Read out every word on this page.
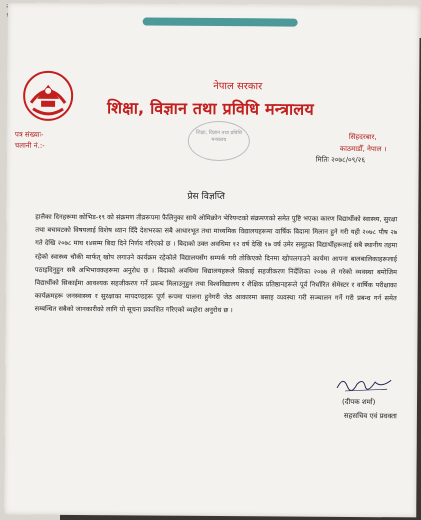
नेपाल सरकार
शिक्षा, विज्ञान तथा प्रविधि मन्त्रालय
पत्र संख्याः-
चलानी नं.:-
शिक्षा, विज्ञान तथा प्रविधि मन्त्रालय	सिंहदरबार,
काठमाडौँ, नेपाल ।
मितिः २०७८/०९/२६
प्रेस विज्ञप्ति

हालैका दिनहरूमा कोभिड-१९ को संक्रमण तीव्ररूपमा फैलिनुका साथै ओमिक्रोन भेरियन्टको संक्रमणको समेत पुष्टि भएका कारण विद्यार्थीको स्वास्थ्य, सुरक्षा तथा बचावटको विषयलाई विशेष ध्यान दिँदै देशभरका सबै आधारभूत तथा माध्यमिक विद्यालयहरूमा वार्षिक बिदामा मिलान हुने गरी यही २०७८ पौष २७ गते देखि २०७८ माघ १४सम्म बिदा दिने निर्णय गरिएको छ । बिदाको उक्त अवधिमा १२ वर्ष देखि १७ वर्ष उमेर समूहका विद्यार्थीहरूलाई सबै स्थानीय तहमा रहेको स्वास्थ्य चौकी मार्फत् खोप लगाउने कार्यक्रम रहेकोले विद्यालयसँग सम्पर्क गरी तोकिएको दिनमा खोपलगाउने कार्यमा आपना बालबालिकाहरूलाई पठाइदिनुहुन सबै अभिभावकहरूमा अनुरोध छ । बिदाको अवधिमा विद्यालयहरूले सिकाई सहजीकरण निर्देशिका २०७७ ले गरेको व्यवस्था बमोजिम विद्यार्थीको सिकाईमा आवश्यक सहजीकरण गर्ने प्रबन्ध मिलाउनुहुन तथा विश्वविद्यालय र शैक्षिक प्रतिष्ठानहरूले पूर्व निर्धारित सेमेस्टर र वार्षिक परीक्षाका कार्यक्रमहरू जनस्वास्थ्य र सुरक्षाका मापदण्डहरू पूर्ण रूपमा पालना हुनेगरी जेठ आकारमा बसाइ व्यवस्था गरी सञ्चालन गर्ने गरी प्रबन्ध गर्न समेत सम्बन्धित सबैको जानकारीको लागि यो सूचना प्रकाशित गरिएको व्यहोरा अनुरोध छ ।

(दीपक शर्मा)
सहसचिव एवं प्रवक्ता
